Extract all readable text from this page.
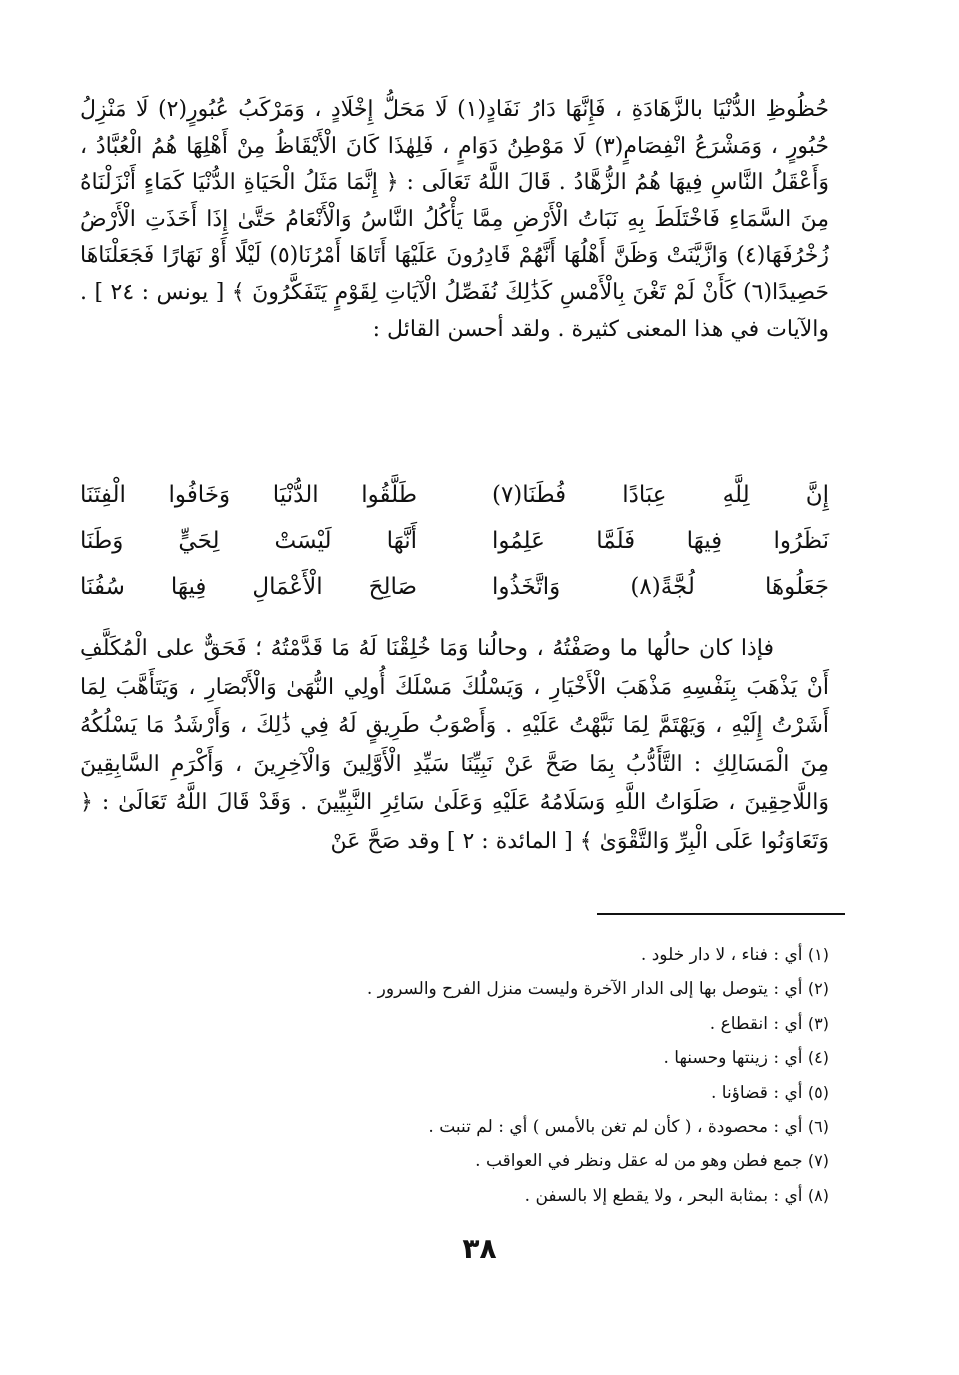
حُظُوظِ الدُّنْيَا بالزَّهَادَةِ ، فَإِنَّهَا دَارُ نَفَادٍ(١) لَا مَحَلُّ إِخْلَادٍ ، وَمَرْكَبُ عُبُورٍ(٢) لَا مَنْزِلُ حُبُورٍ ، وَمَشْرَعُ انْفِصَامٍ(٣) لَا مَوْطِنُ دَوَامٍ ، فَلِهٰذَا كَانَ الْأَيْقَاظُ مِنْ أَهْلِهَا هُمُ الْعُبَّادُ ، وَأَعْقَلُ النَّاسِ فِيهَا هُمُ الزُّهَّادُ . قَالَ اللَّهُ تَعَالَى : ﴿ إِنَّمَا مَثَلُ الْحَيَاةِ الدُّنْيَا كَمَاءٍ أَنْزَلْنَاهُ مِنَ السَّمَاءِ فَاخْتَلَطَ بِهِ نَبَاتُ الْأَرْضِ مِمَّا يَأْكُلُ النَّاسُ وَالْأَنْعَامُ حَتَّىٰ إِذَا أَخَذَتِ الْأَرْضُ زُخْرُفَهَا(٤) وَازَّيَّنَتْ وَظَنَّ أَهْلُهَا أَنَّهُمْ قَادِرُونَ عَلَيْهَا أَتَاهَا أَمْرُنَا(٥) لَيْلًا أَوْ نَهَارًا فَجَعَلْنَاهَا حَصِيدًا(٦) كَأَنْ لَمْ تَغْنَ بِالْأَمْسِ كَذَٰلِكَ نُفَصِّلُ الْآيَاتِ لِقَوْمٍ يَتَفَكَّرُونَ ﴾ [ يونس : ٢٤ ] . والآيات في هذا المعنى كثيرة . ولقد أحسن القائل :
إِنَّ لِلَّهِ عِبَادًا فُطَنَا(٧)
طَلَّقُوا الدُّنْيَا وَخَافُوا الْفِتَنَا
نَظَرُوا فِيهَا فَلَمَّا عَلِمُوا
أَنَّهَا لَيْسَتْ لِحَيٍّ وَطَنَا
جَعَلُوهَا لُجَّةً(٨) وَاتَّخَذُوا
صَالِحَ الْأَعْمَالِ فِيهَا سُفُنَا
فإذا كان حالُها ما وصَفْتُهُ ، وحالُنا وَمَا خُلِقْنَا لَهُ مَا قَدَّمْتُهُ ؛ فَحَقٌّ على الْمُكَلَّفِ أَنْ يَذْهَبَ بِنَفْسِهِ مَذْهَبَ الْأَخْيَارِ ، وَيَسْلُكَ مَسْلَكَ أُولِي النُّهَىٰ وَالْأَبْصَارِ ، وَيَتَأَهَّبَ لِمَا أَشَرْتُ إِلَيْهِ ، وَيَهْتَمَّ لِمَا نَبَّهْتُ عَلَيْهِ . وَأَصْوَبُ طَرِيقٍ لَهُ فِي ذَٰلِكَ ، وَأَرْشَدُ مَا يَسْلُكُهُ مِنَ الْمَسَالِكِ : التَّأَدُّبُ بِمَا صَحَّ عَنْ نَبِيِّنَا سَيِّدِ الْأَوَّلِينَ وَالْآخِرِينَ ، وَأَكْرَمِ السَّابِقِينَ وَاللَّاحِقِينَ ، صَلَوَاتُ اللَّهِ وَسَلَامُهُ عَلَيْهِ وَعَلَىٰ سَائِرِ النَّبِيِّينَ . وَقَدْ قَالَ اللَّهُ تَعَالَىٰ : ﴿ وَتَعَاوَنُوا عَلَى الْبِرِّ وَالتَّقْوَىٰ ﴾ [ المائدة : ٢ ] وقد صَحَّ عَنْ
(١) أي : فناء ، لا دار خلود .
(٢) أي : يتوصل بها إلى الدار الآخرة وليست منزل الفرح والسرور .
(٣) أي : انقطاع .
(٤) أي : زينتها وحسنها .
(٥) أي : قضاؤنا .
(٦) أي : محصودة ، ( كأن لم تغن بالأمس ) أي : لم تنبت .
(٧) جمع فطن وهو من له عقل ونظر في العواقب .
(٨) أي : بمثابة البحر ، ولا يقطع إلا بالسفن .
٣٨
